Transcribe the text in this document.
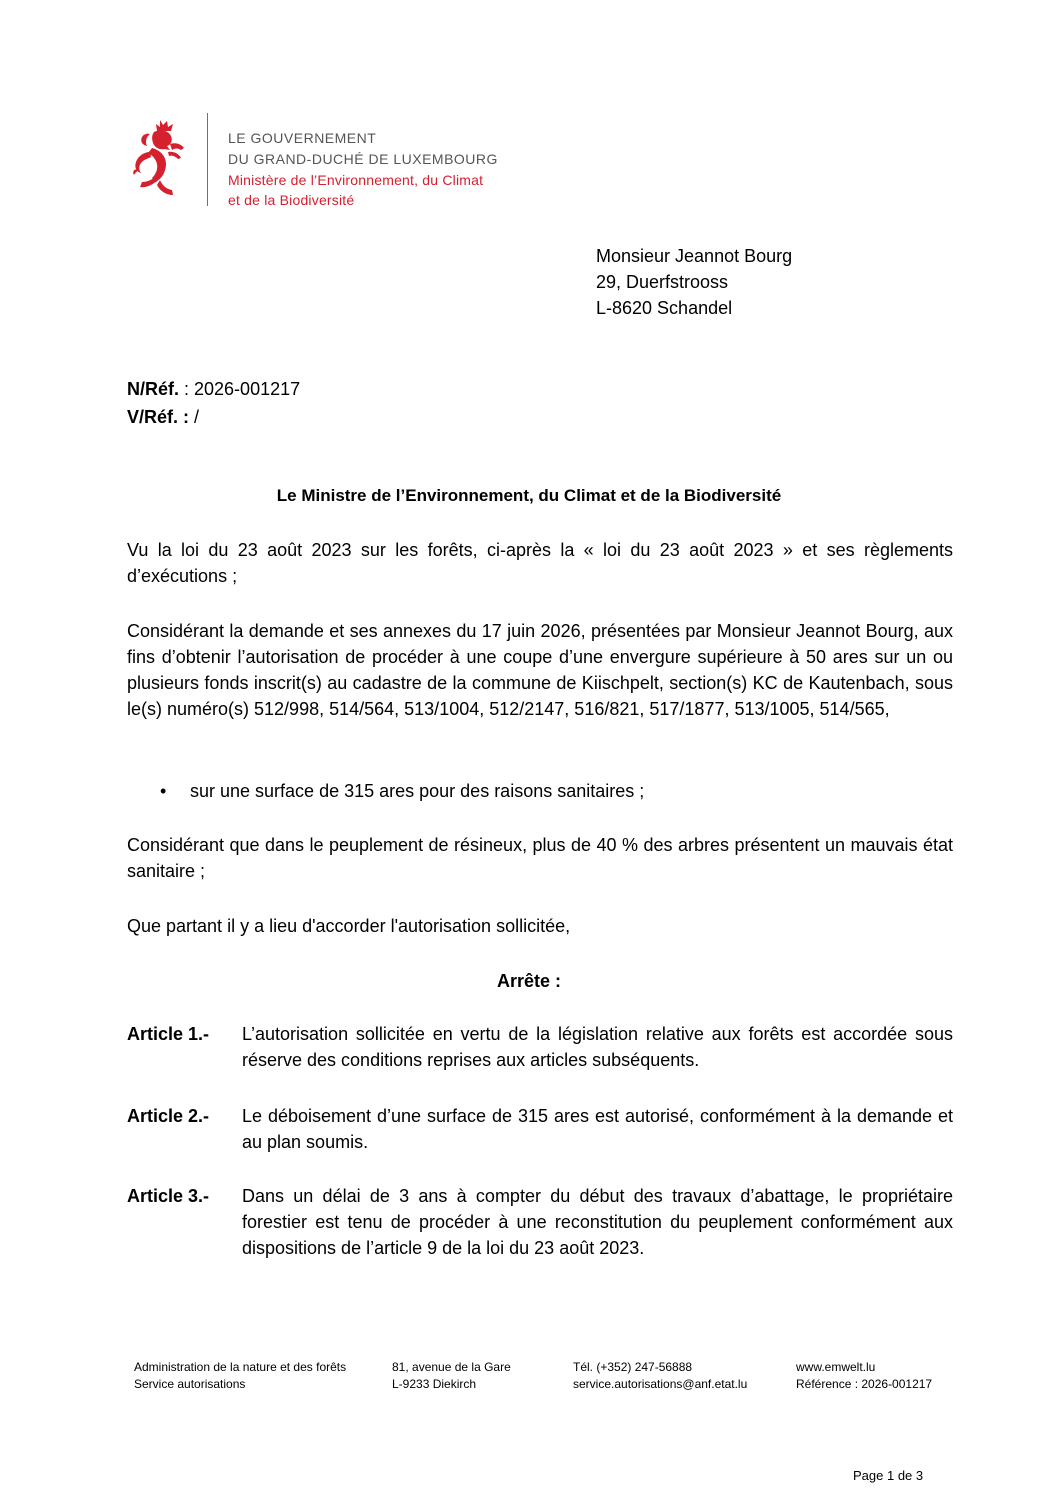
LE GOUVERNEMENT
DU GRAND-DUCHÉ DE LUXEMBOURG
Ministère de l’Environnement, du Climat
et de la Biodiversité
Monsieur Jeannot Bourg
29, Duerfstrooss
L-8620 Schandel
N/Réf. : 2026-001217
V/Réf. : /
Le Ministre de l’Environnement, du Climat et de la Biodiversité
Vu la loi du 23 août 2023 sur les forêts, ci-après la « loi du 23 août 2023 » et ses règlements d’exécutions ;
Considérant la demande et ses annexes du 17 juin 2026, présentées par Monsieur Jeannot Bourg, aux fins d’obtenir l’autorisation de procéder à une coupe d’une envergure supérieure à 50 ares sur un ou plusieurs fonds inscrit(s) au cadastre de la commune de Kiischpelt, section(s) KC de Kautenbach, sous le(s) numéro(s) 512/998, 514/564, 513/1004, 512/2147, 516/821, 517/1877, 513/1005, 514/565,
• sur une surface de 315 ares pour des raisons sanitaires ;
Considérant que dans le peuplement de résineux, plus de 40 % des arbres présentent un mauvais état sanitaire ;
Que partant il y a lieu d'accorder l'autorisation sollicitée,
Arrête :
Article 1.- L’autorisation sollicitée en vertu de la législation relative aux forêts est accordée sous réserve des conditions reprises aux articles subséquents.
Article 2.- Le déboisement d’une surface de 315 ares est autorisé, conformément à la demande et au plan soumis.
Article 3.- Dans un délai de 3 ans à compter du début des travaux d’abattage, le propriétaire forestier est tenu de procéder à une reconstitution du peuplement conformément aux dispositions de l’article 9 de la loi du 23 août 2023.
Administration de la nature et des forêts
Service autorisations
81, avenue de la Gare
L-9233 Diekirch
Tél. (+352) 247-56888
service.autorisations@anf.etat.lu
www.emwelt.lu
Référence : 2026-001217
Page 1 de 3
